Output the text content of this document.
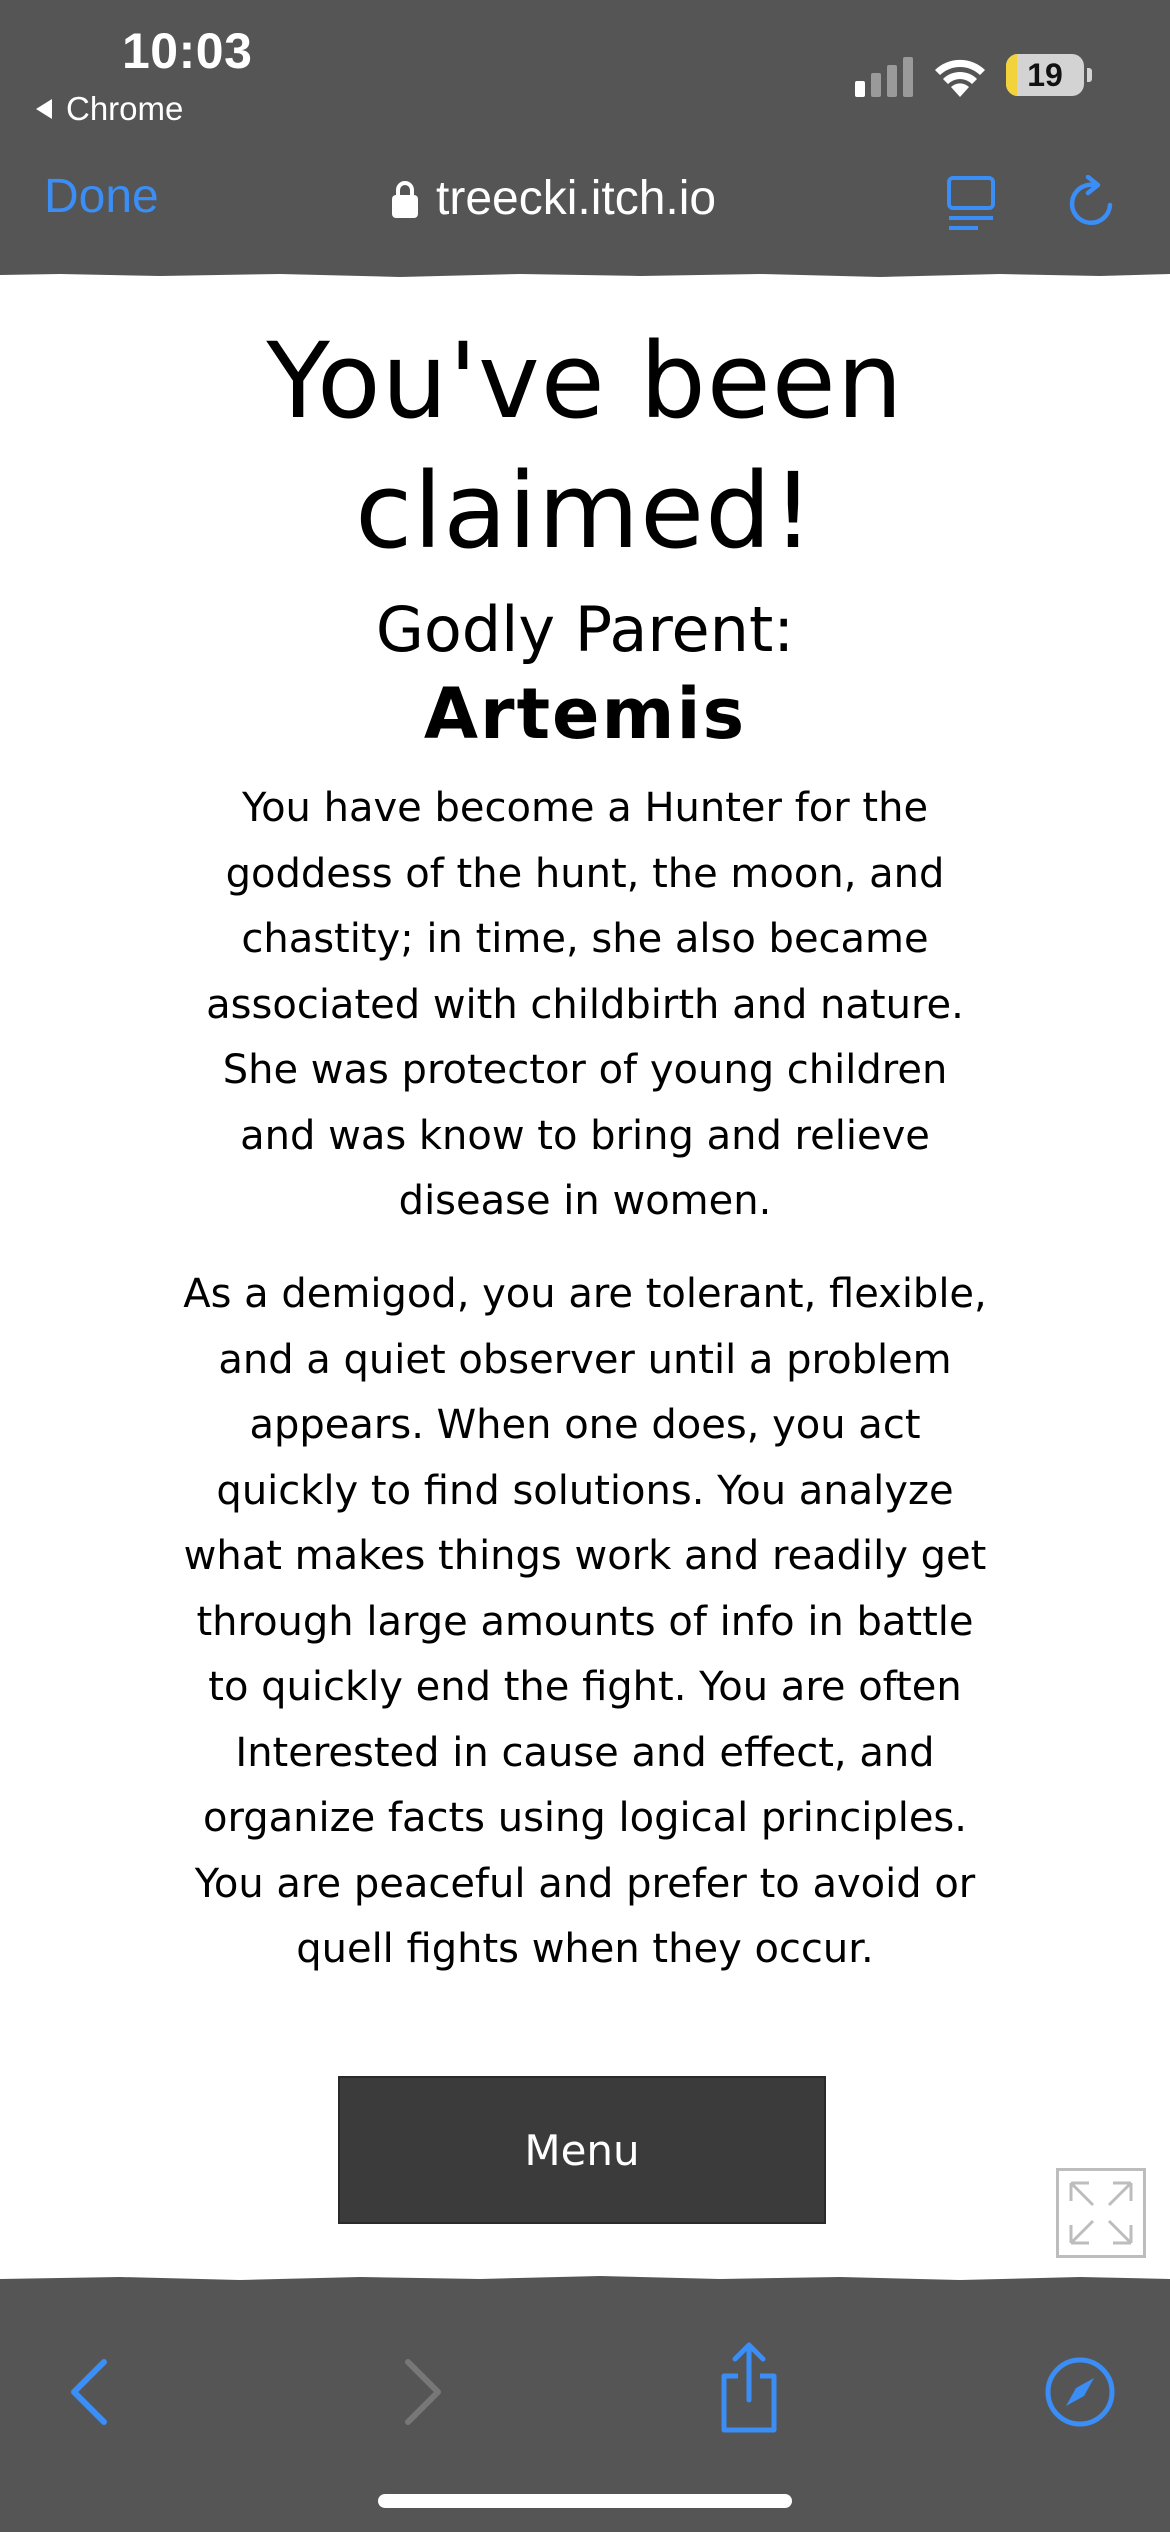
10:03
Chrome
19
Done	treecki.itch.io
You've been claimed!
Godly Parent:
Artemis

You have become a Hunter for the goddess of the hunt, the moon, and chastity; in time, she also became associated with childbirth and nature. She was protector of young children and was know to bring and relieve disease in women.

As a demigod, you are tolerant, flexible, and a quiet observer until a problem appears. When one does, you act quickly to find solutions. You analyze what makes things work and readily get through large amounts of info in battle to quickly end the fight. You are often Interested in cause and effect, and organize facts using logical principles. You are peaceful and prefer to avoid or quell fights when they occur.

Menu
